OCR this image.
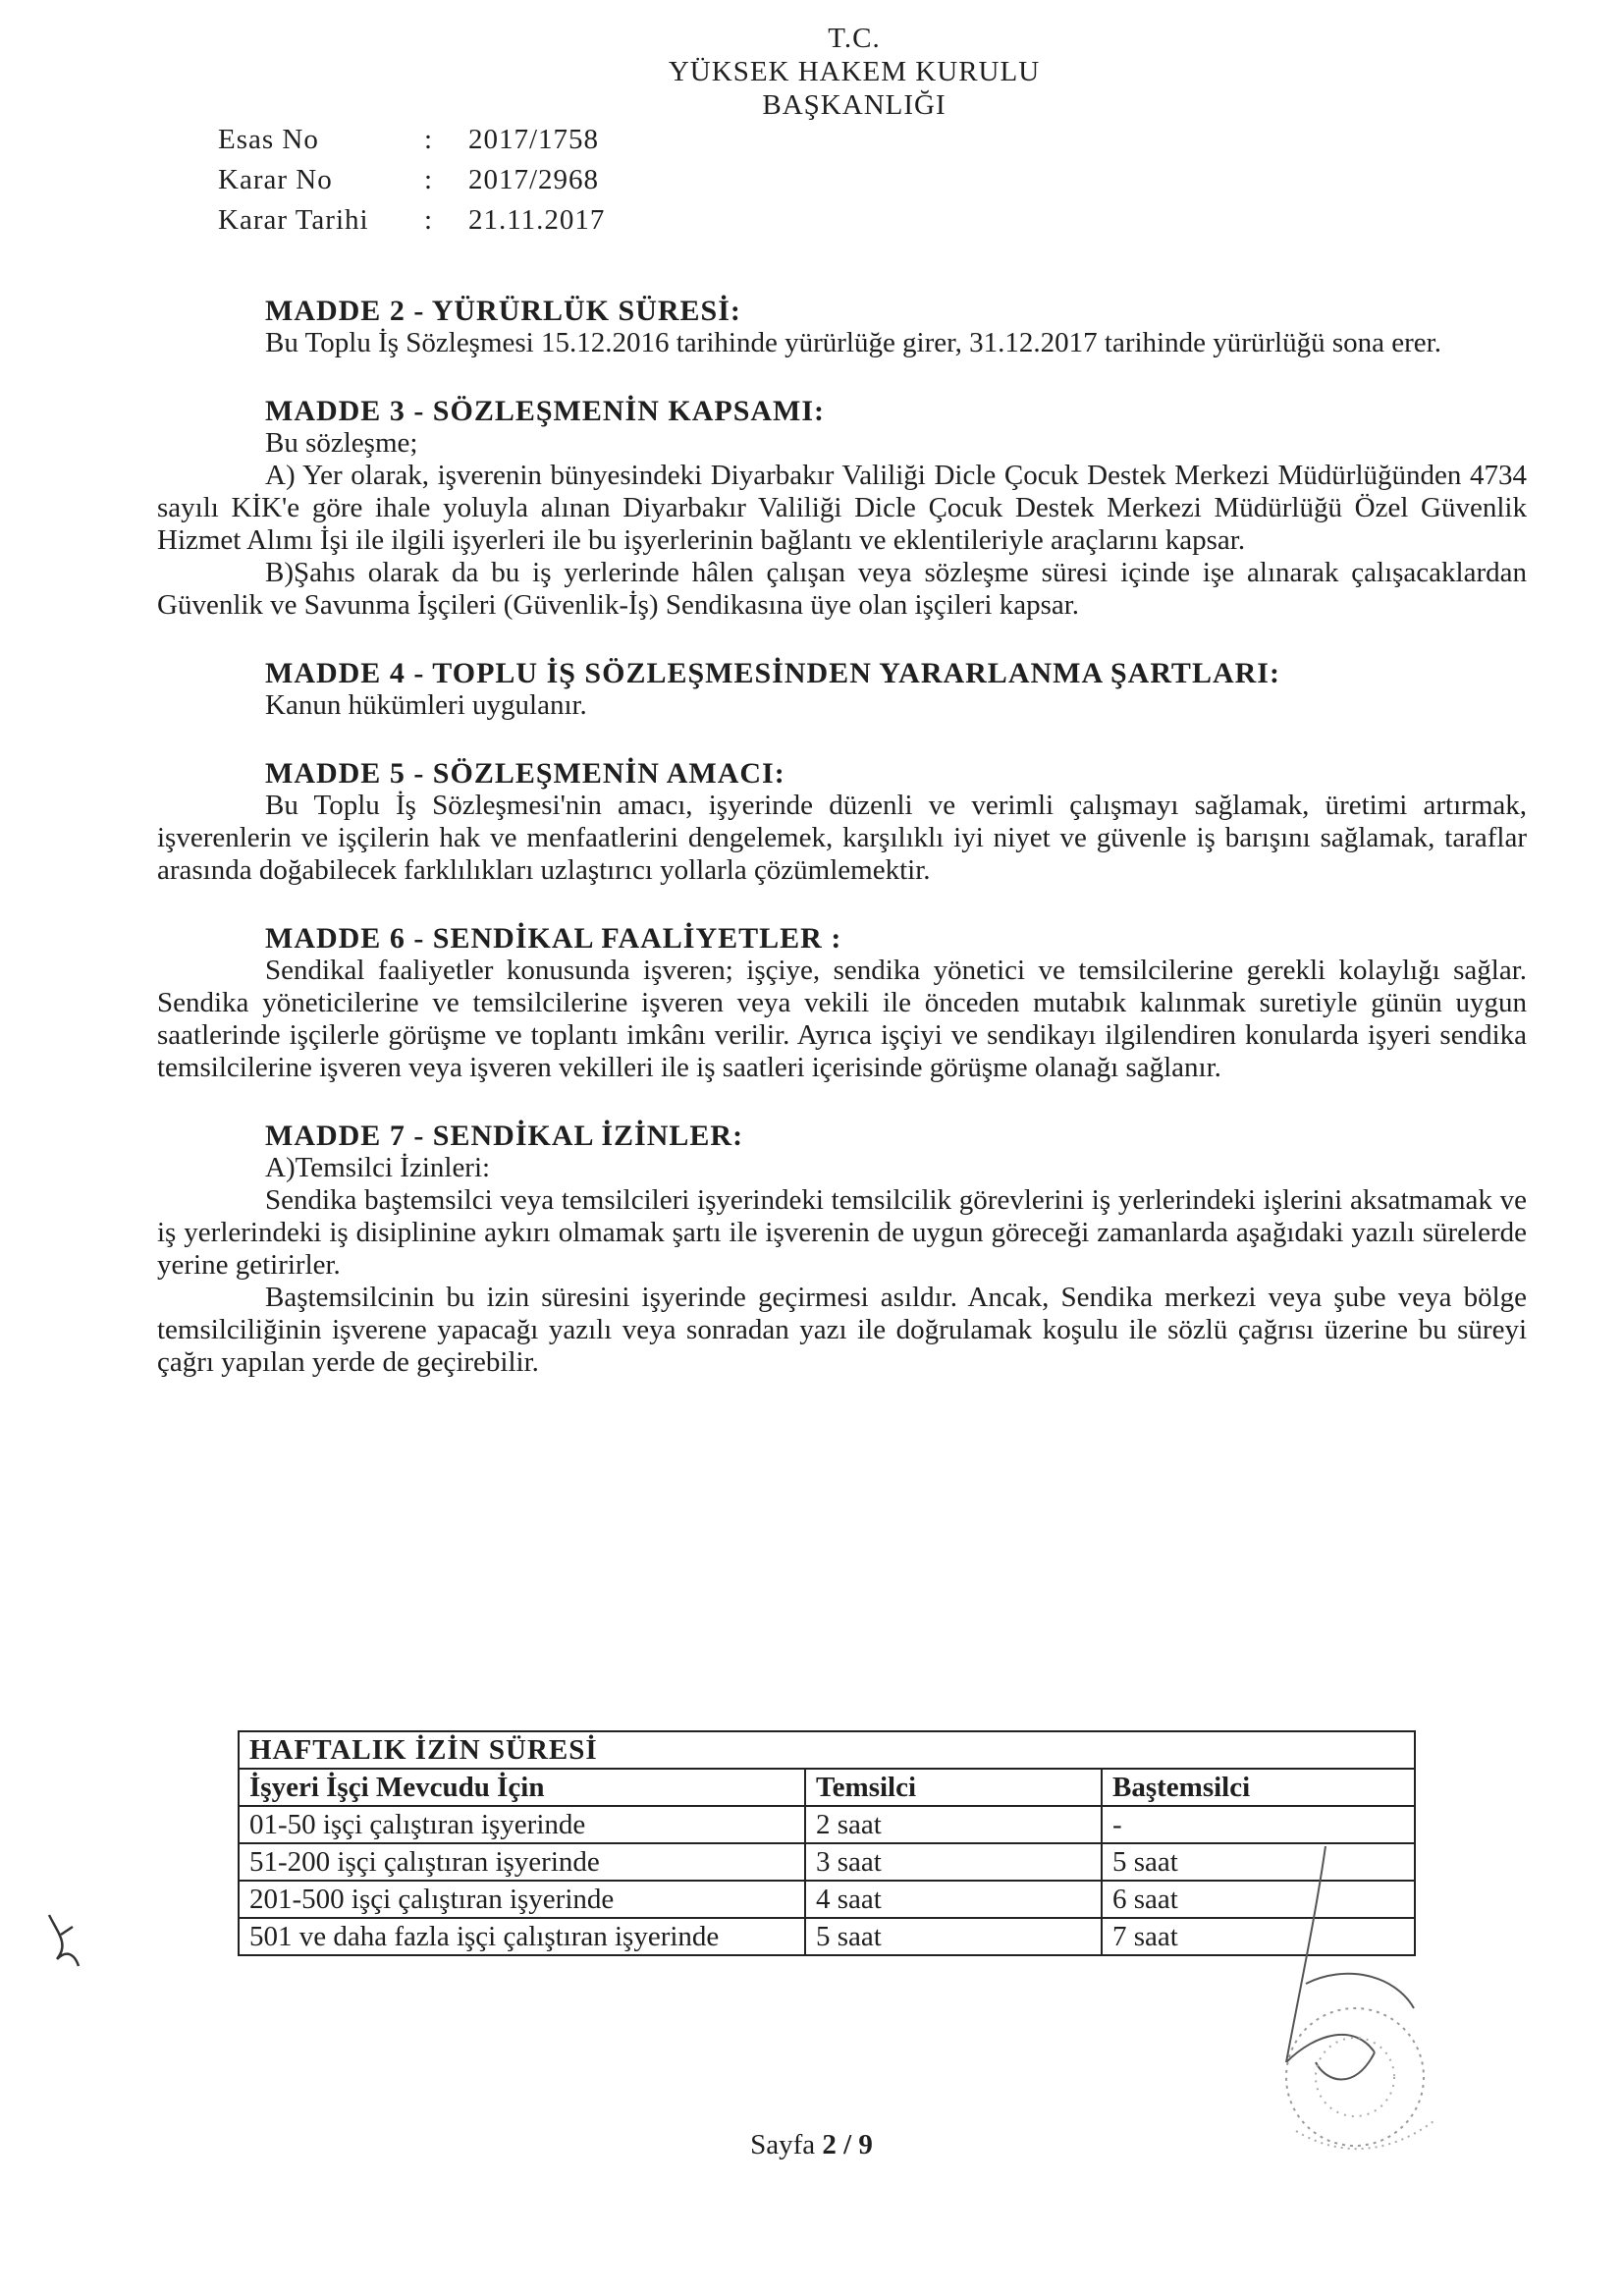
T.C.
YÜKSEK HAKEM KURULU
BAŞKANLIĞI
Esas No	:	2017/1758
Karar No	:	2017/2968
Karar Tarihi	:	21.11.2017
MADDE 2 - YÜRÜRLÜK SÜRESİ:

Bu Toplu İş Sözleşmesi 15.12.2016 tarihinde yürürlüğe girer, 31.12.2017 tarihinde yürürlüğü sona erer.

MADDE 3 - SÖZLEŞMENİN KAPSAMI:

Bu sözleşme;

A) Yer olarak, işverenin bünyesindeki Diyarbakır Valiliği Dicle Çocuk Destek Merkezi Müdürlüğünden 4734 sayılı KİK'e göre ihale yoluyla alınan Diyarbakır Valiliği Dicle Çocuk Destek Merkezi Müdürlüğü Özel Güvenlik Hizmet Alımı İşi ile ilgili işyerleri ile bu işyerlerinin bağlantı ve eklentileriyle araçlarını kapsar.

B)Şahıs olarak da bu iş yerlerinde hâlen çalışan veya sözleşme süresi içinde işe alınarak çalışacaklardan Güvenlik ve Savunma İşçileri (Güvenlik-İş) Sendikasına üye olan işçileri kapsar.

MADDE 4 - TOPLU İŞ SÖZLEŞMESİNDEN YARARLANMA ŞARTLARI:

Kanun hükümleri uygulanır.

MADDE 5 - SÖZLEŞMENİN AMACI:

Bu Toplu İş Sözleşmesi'nin amacı, işyerinde düzenli ve verimli çalışmayı sağlamak, üretimi artırmak, işverenlerin ve işçilerin hak ve menfaatlerini dengelemek, karşılıklı iyi niyet ve güvenle iş barışını sağlamak, taraflar arasında doğabilecek farklılıkları uzlaştırıcı yollarla çözümlemektir.

MADDE 6 - SENDİKAL FAALİYETLER :

Sendikal faaliyetler konusunda işveren; işçiye, sendika yönetici ve temsilcilerine gerekli kolaylığı sağlar. Sendika yöneticilerine ve temsilcilerine işveren veya vekili ile önceden mutabık kalınmak suretiyle günün uygun saatlerinde işçilerle görüşme ve toplantı imkânı verilir. Ayrıca işçiyi ve sendikayı ilgilendiren konularda işyeri sendika temsilcilerine işveren veya işveren vekilleri ile iş saatleri içerisinde görüşme olanağı sağlanır.

MADDE 7 - SENDİKAL İZİNLER:

A)Temsilci İzinleri:

Sendika baştemsilci veya temsilcileri işyerindeki temsilcilik görevlerini iş yerlerindeki işlerini aksatmamak ve iş yerlerindeki iş disiplinine aykırı olmamak şartı ile işverenin de uygun göreceği zamanlarda aşağıdaki yazılı sürelerde yerine getirirler.

Baştemsilcinin bu izin süresini işyerinde geçirmesi asıldır. Ancak, Sendika merkezi veya şube veya bölge temsilciliğinin işverene yapacağı yazılı veya sonradan yazı ile doğrulamak koşulu ile sözlü çağrısı üzerine bu süreyi çağrı yapılan yerde de geçirebilir.

HAFTALIK İZİN SÜRESİ		
İşyeri İşçi Mevcudu İçin	Temsilci	Baştemsilci
01-50 işçi çalıştıran işyerinde	2 saat	-
51-200 işçi çalıştıran işyerinde	3 saat	5 saat
201-500 işçi çalıştıran işyerinde	4 saat	6 saat
501 ve daha fazla işçi çalıştıran işyerinde	5 saat	7 saat
Sayfa 2 / 9
